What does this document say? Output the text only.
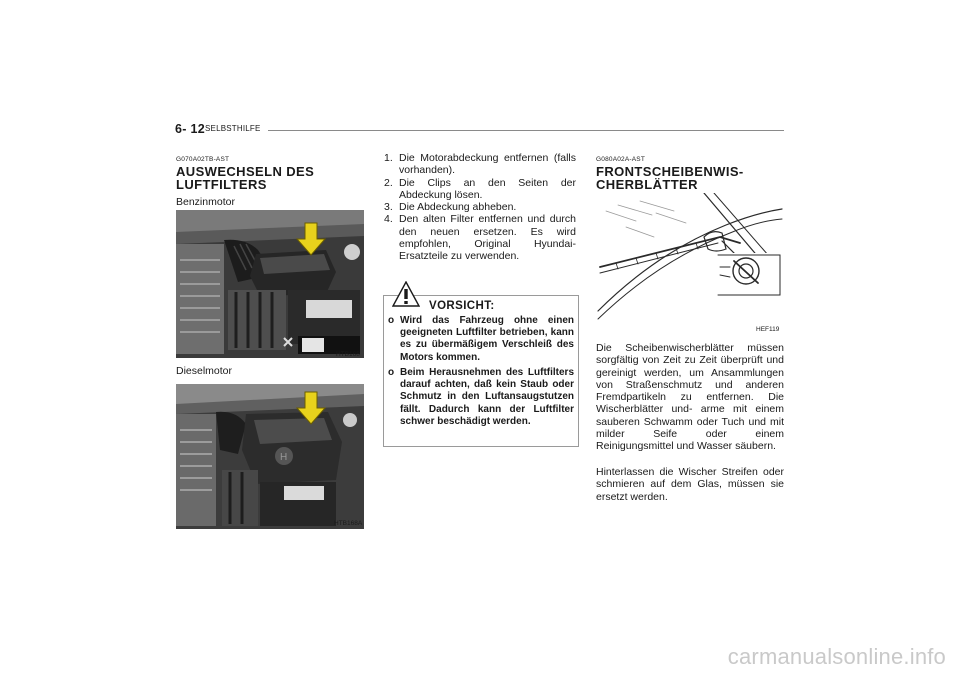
6- 12 SELBSTHILFE
G070A02TB-AST
AUSWECHSELN DES
LUFTFILTERS
Benzinmotor
HTB168
Dieselmotor
H
HTB168A
1. Die Motorabdeckung entfernen (falls vorhanden).
2. Die Clips an den Seiten der Abdeckung lösen.
3. Die Abdeckung abheben.
4. Den alten Filter entfernen und durch den neuen ersetzen. Es wird empfohlen, Original Hyundai-Ersatzteile zu verwenden.
VORSICHT:
o Wird das Fahrzeug ohne einen geeigneten Luftfilter betrieben, kann es zu übermäßigem Verschleiß des Motors kommen.
o Beim Herausnehmen des Luftfilters darauf achten, daß kein Staub oder Schmutz in den Luftansaugstutzen fällt. Dadurch kann der Luftfilter schwer beschädigt werden.
G080A02A-AST
FRONTSCHEIBENWIS-
CHERBLÄTTER
HEF119

Die Scheibenwischerblätter müssen sorgfältig von Zeit zu Zeit überprüft und gereinigt werden, um Ansammlungen von Straßenschmutz und anderen Fremdpartikeln zu entfernen. Die Wischerblätter und- arme mit einem sauberen Schwamm oder Tuch und mit milder Seife oder einem Reinigungsmittel und Wasser säubern.

Hinterlassen die Wischer Streifen oder schmieren auf dem Glas, müssen sie ersetzt werden.

carmanualsonline.info
